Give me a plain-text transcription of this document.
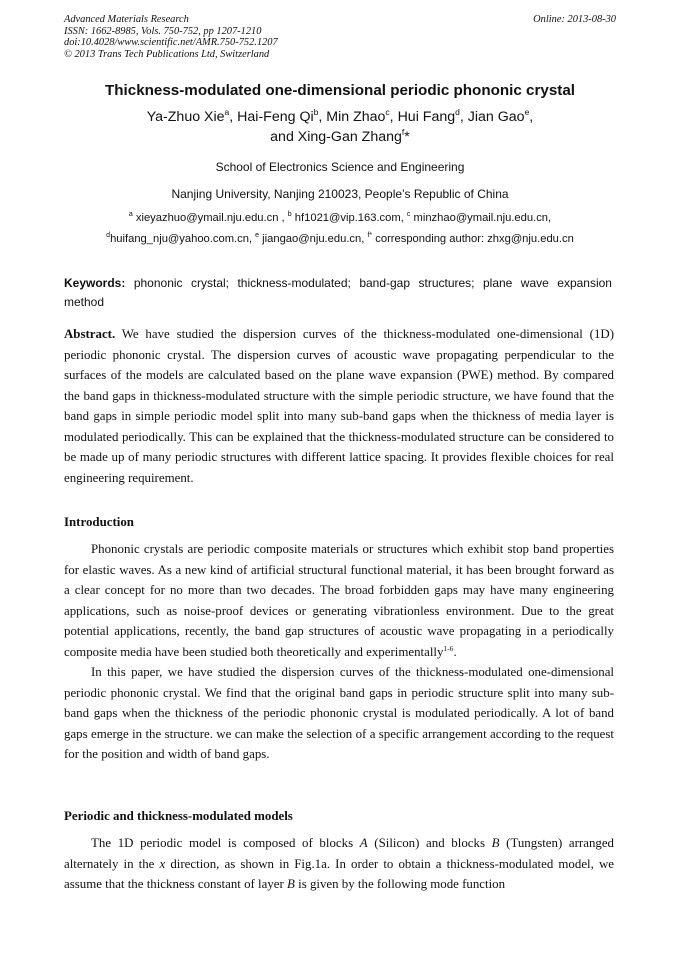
Advanced Materials Research
ISSN: 1662-8985, Vols. 750-752, pp 1207-1210
doi:10.4028/www.scientific.net/AMR.750-752.1207
© 2013 Trans Tech Publications Ltd, Switzerland
Online: 2013-08-30
Thickness-modulated one-dimensional periodic phononic crystal
Ya-Zhuo Xie$^a$, Hai-Feng Qi$^b$, Min Zhao$^c$, Hui Fang$^d$, Jian Gao$^e$,
and Xing-Gan Zhang$^f$*
School of Electronics Science and Engineering
Nanjing University, Nanjing 210023, People’s Republic of China
$^a$ xieyazhuo@ymail.nju.edu.cn , $^b$ hf1021@vip.163.com, $^c$ minzhao@ymail.nju.edu.cn,
$^d$huifang_nju@yahoo.com.cn, $^e$ jiangao@nju.edu.cn, $^{f*}$ corresponding author: zhxg@nju.edu.cn
Keywords: phononic crystal; thickness-modulated; band-gap structures; plane wave expansion method

Abstract. We have studied the dispersion curves of the thickness-modulated one-dimensional (1D) periodic phononic crystal. The dispersion curves of acoustic wave propagating perpendicular to the surfaces of the models are calculated based on the plane wave expansion (PWE) method. By compared the band gaps in thickness-modulated structure with the simple periodic structure, we have found that the band gaps in simple periodic model split into many sub-band gaps when the thickness of media layer is modulated periodically. This can be explained that the thickness-modulated structure can be considered to be made up of many periodic structures with different lattice spacing. It provides flexible choices for real engineering requirement.

Introduction

Phononic crystals are periodic composite materials or structures which exhibit stop band properties for elastic waves. As a new kind of artificial structural functional material, it has been brought forward as a clear concept for no more than two decades. The broad forbidden gaps may have many engineering applications, such as noise-proof devices or generating vibrationless environment. Due to the great potential applications, recently, the band gap structures of acoustic wave propagating in a periodically composite media have been studied both theoretically and experimentally$^{1-6}$.

In this paper, we have studied the dispersion curves of the thickness-modulated one-dimensional periodic phononic crystal. We find that the original band gaps in periodic structure split into many sub-band gaps when the thickness of the periodic phononic crystal is modulated periodically. A lot of band gaps emerge in the structure. we can make the selection of a specific arrangement according to the request for the position and width of band gaps.

Periodic and thickness-modulated models

The 1D periodic model is composed of blocks A (Silicon) and blocks B (Tungsten) arranged alternately in the x direction, as shown in Fig.1a. In order to obtain a thickness-modulated model, we assume that the thickness constant of layer B is given by the following mode function
